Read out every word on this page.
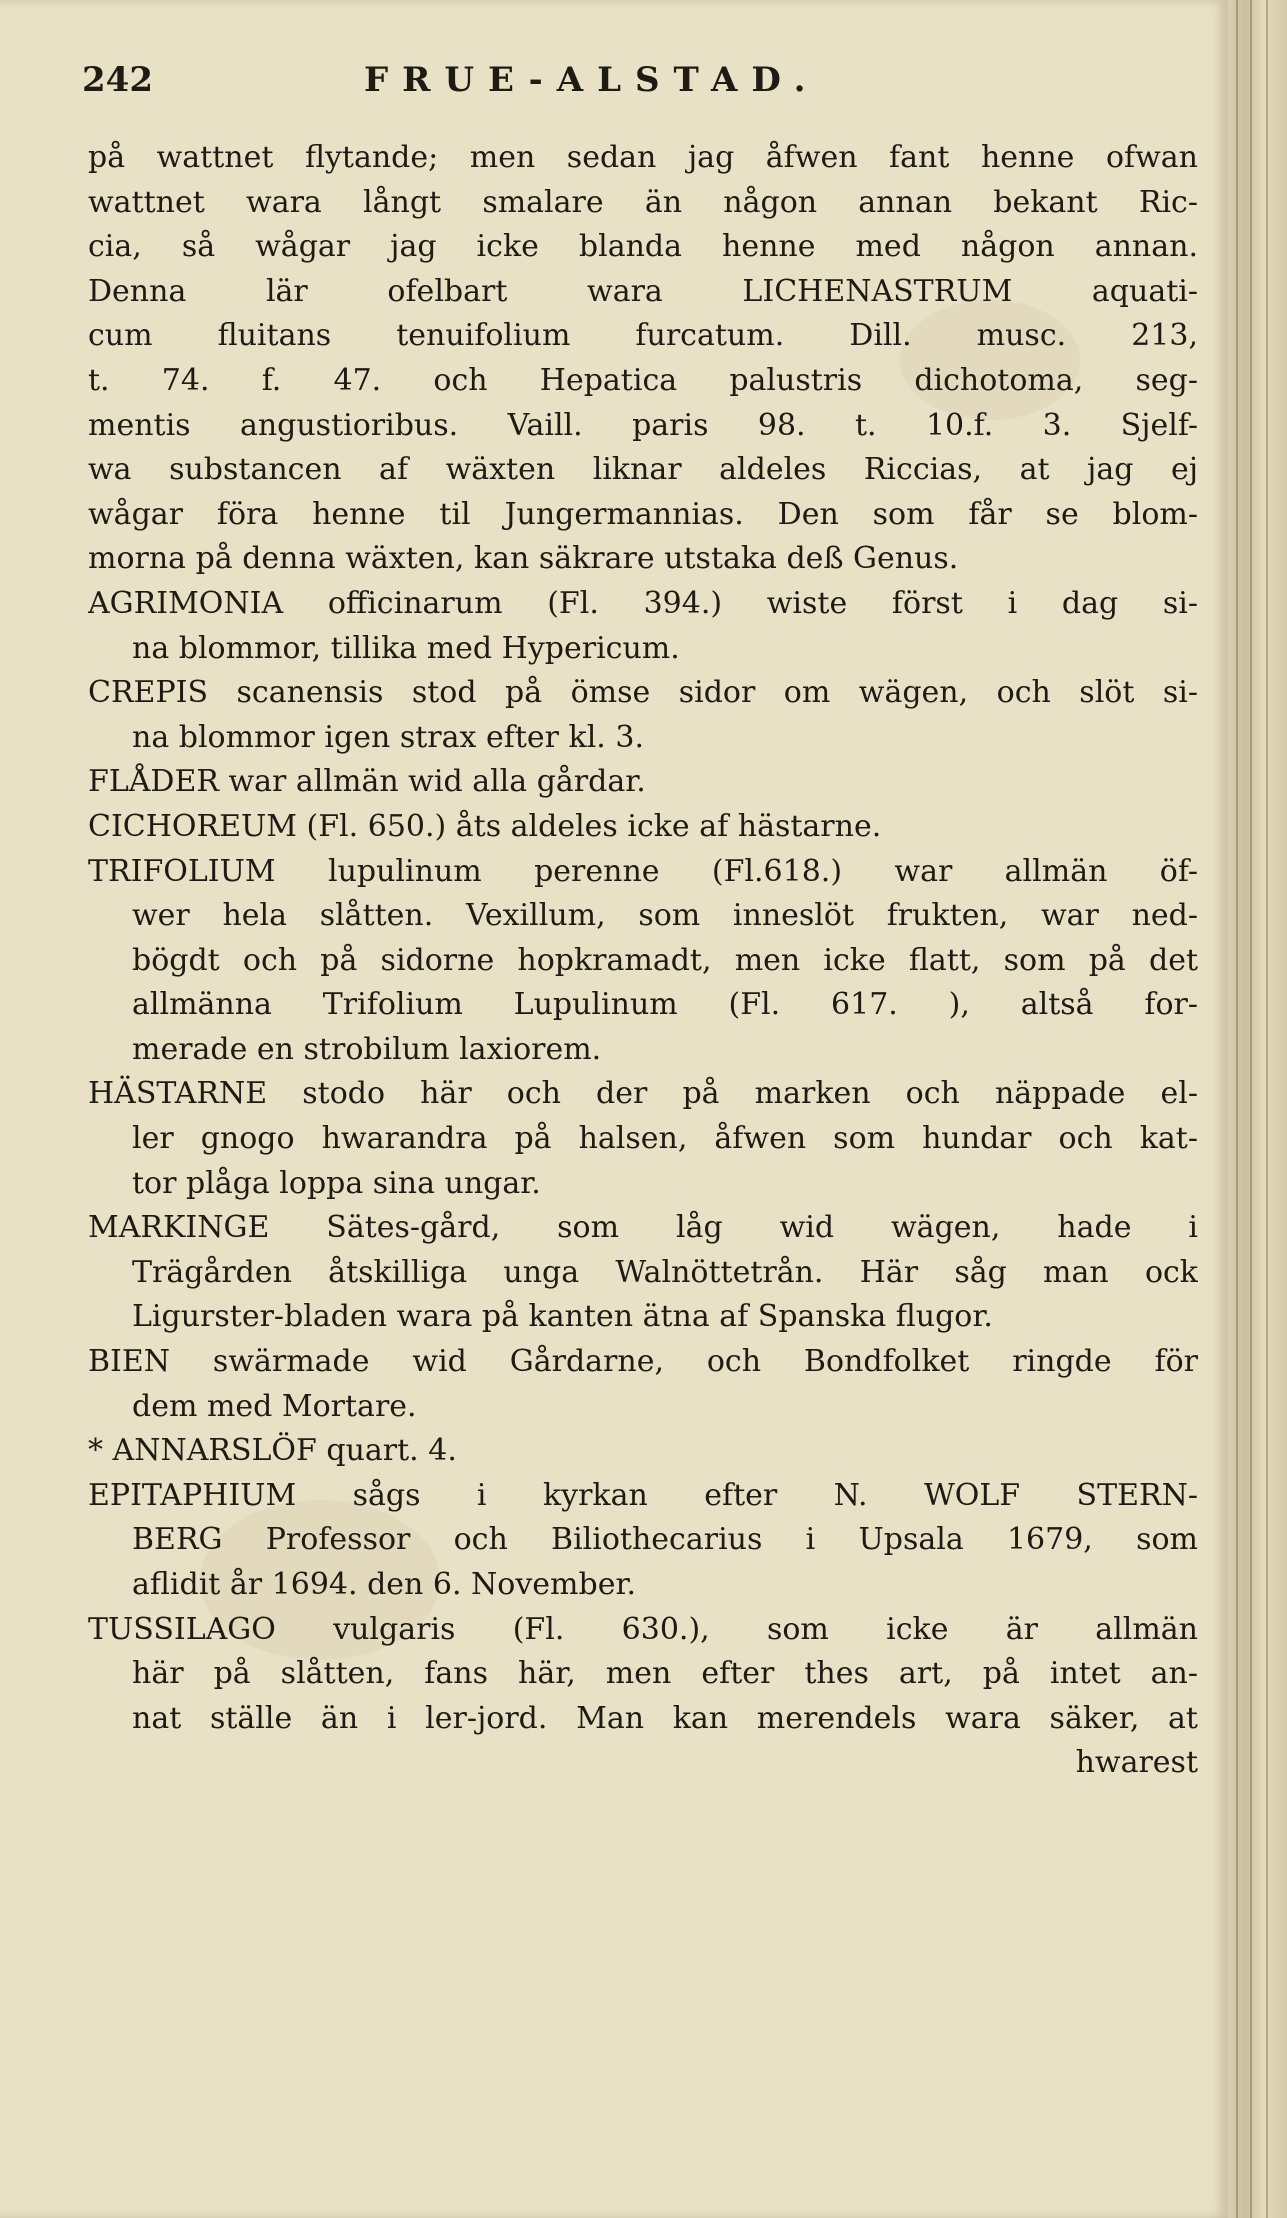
242	FRUE-ALSTAD.
på wattnet flytande; men sedan jag åfwen fant henne ofwan
wattnet wara långt smalare än någon annan bekant Ric-
cia, så wågar jag icke blanda henne med någon annan.
Denna lär ofelbart wara LICHENASTRUM aquati-
cum fluitans tenuifolium furcatum. Dill. musc. 213,
t. 74. f. 47. och Hepatica palustris dichotoma, seg-
mentis angustioribus. Vaill. paris 98. t. 10.f. 3. Sjelf-
wa substancen af wäxten liknar aldeles Riccias, at jag ej
wågar föra henne til Jungermannias. Den som får se blom-
morna på denna wäxten, kan säkrare utstaka deß Genus.
AGRIMONIA officinarum (Fl. 394.) wiste först i dag si-
na blommor, tillika med Hypericum.
CREPIS scanensis stod på ömse sidor om wägen, och slöt si-
na blommor igen strax efter kl. 3.
FLÅDER war allmän wid alla gårdar.
CICHOREUM (Fl. 650.) åts aldeles icke af hästarne.
TRIFOLIUM lupulinum perenne (Fl.618.) war allmän öf-
wer hela slåtten. Vexillum, som inneslöt frukten, war ned-
bögdt och på sidorne hopkramadt, men icke flatt, som på det
allmänna Trifolium Lupulinum (Fl. 617. ), altså for-
merade en strobilum laxiorem.
HÄSTARNE stodo här och der på marken och näppade el-
ler gnogo hwarandra på halsen, åfwen som hundar och kat-
tor plåga loppa sina ungar.
MARKINGE Sätes-gård, som låg wid wägen, hade i
Trägården åtskilliga unga Walnöttetrån. Här såg man ock
Ligurster-bladen wara på kanten ätna af Spanska flugor.
BIEN swärmade wid Gårdarne, och Bondfolket ringde för
dem med Mortare.
* ANNARSLÖF quart. 4.
EPITAPHIUM sågs i kyrkan efter N. WOLF STERN-
BERG Professor och Biliothecarius i Upsala 1679, som
aflidit år 1694. den 6. November.
TUSSILAGO vulgaris (Fl. 630.), som icke är allmän
här på slåtten, fans här, men efter thes art, på intet an-
nat ställe än i ler-jord. Man kan merendels wara säker, at
hwarest
